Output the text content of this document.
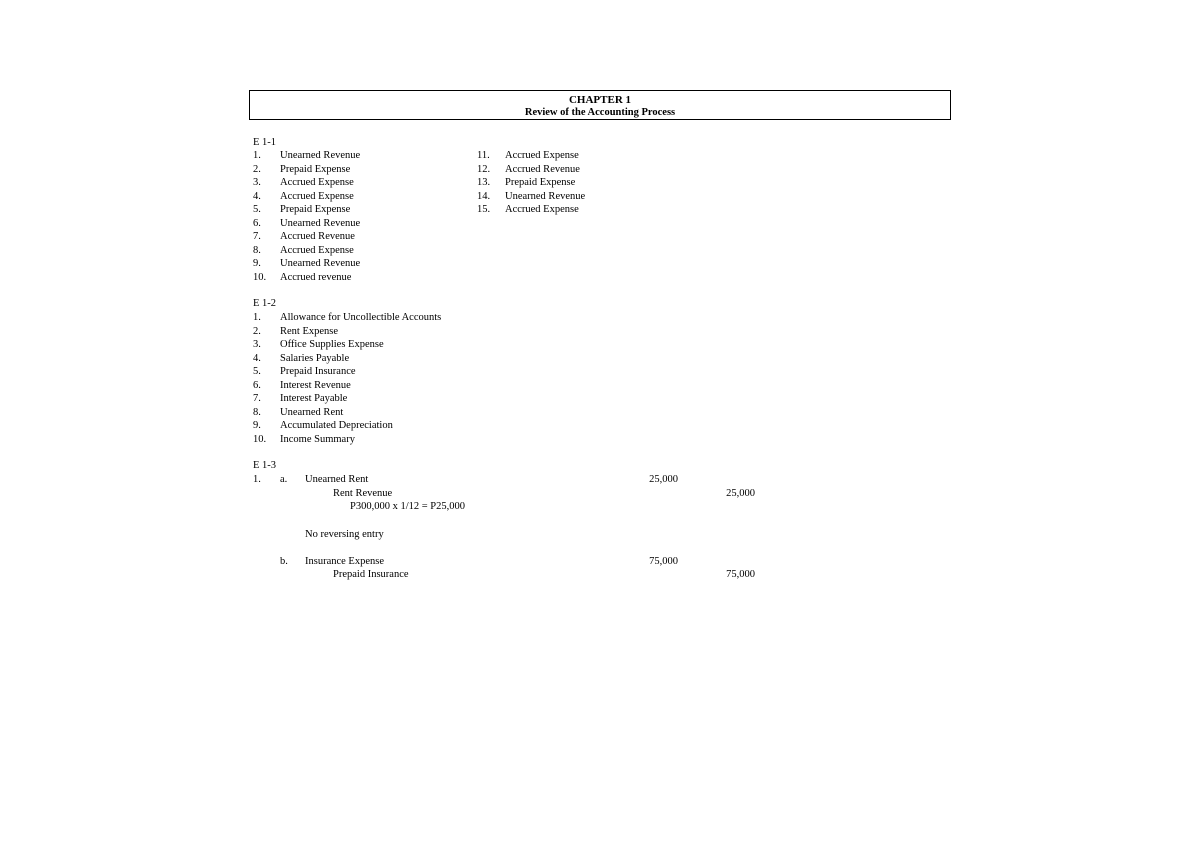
CHAPTER 1
Review of the Accounting Process
E 1-1
1. Unearned Revenue
2. Prepaid Expense
3. Accrued Expense
4. Accrued Expense
5. Prepaid Expense
6. Unearned Revenue
7. Accrued Revenue
8. Accrued Expense
9. Unearned Revenue
10. Accrued revenue
11. Accrued Expense
12. Accrued Revenue
13. Prepaid Expense
14. Unearned Revenue
15. Accrued Expense
E 1-2
1. Allowance for Uncollectible Accounts
2. Rent Expense
3. Office Supplies Expense
4. Salaries Payable
5. Prepaid Insurance
6. Interest Revenue
7. Interest Payable
8. Unearned Rent
9. Accumulated Depreciation
10. Income Summary
E 1-3
1. a. Unearned Rent	25,000
Rent Revenue	25,000
P300,000 x 1/12 = P25,000
No reversing entry
b. Insurance Expense	75,000
Prepaid Insurance	75,000
